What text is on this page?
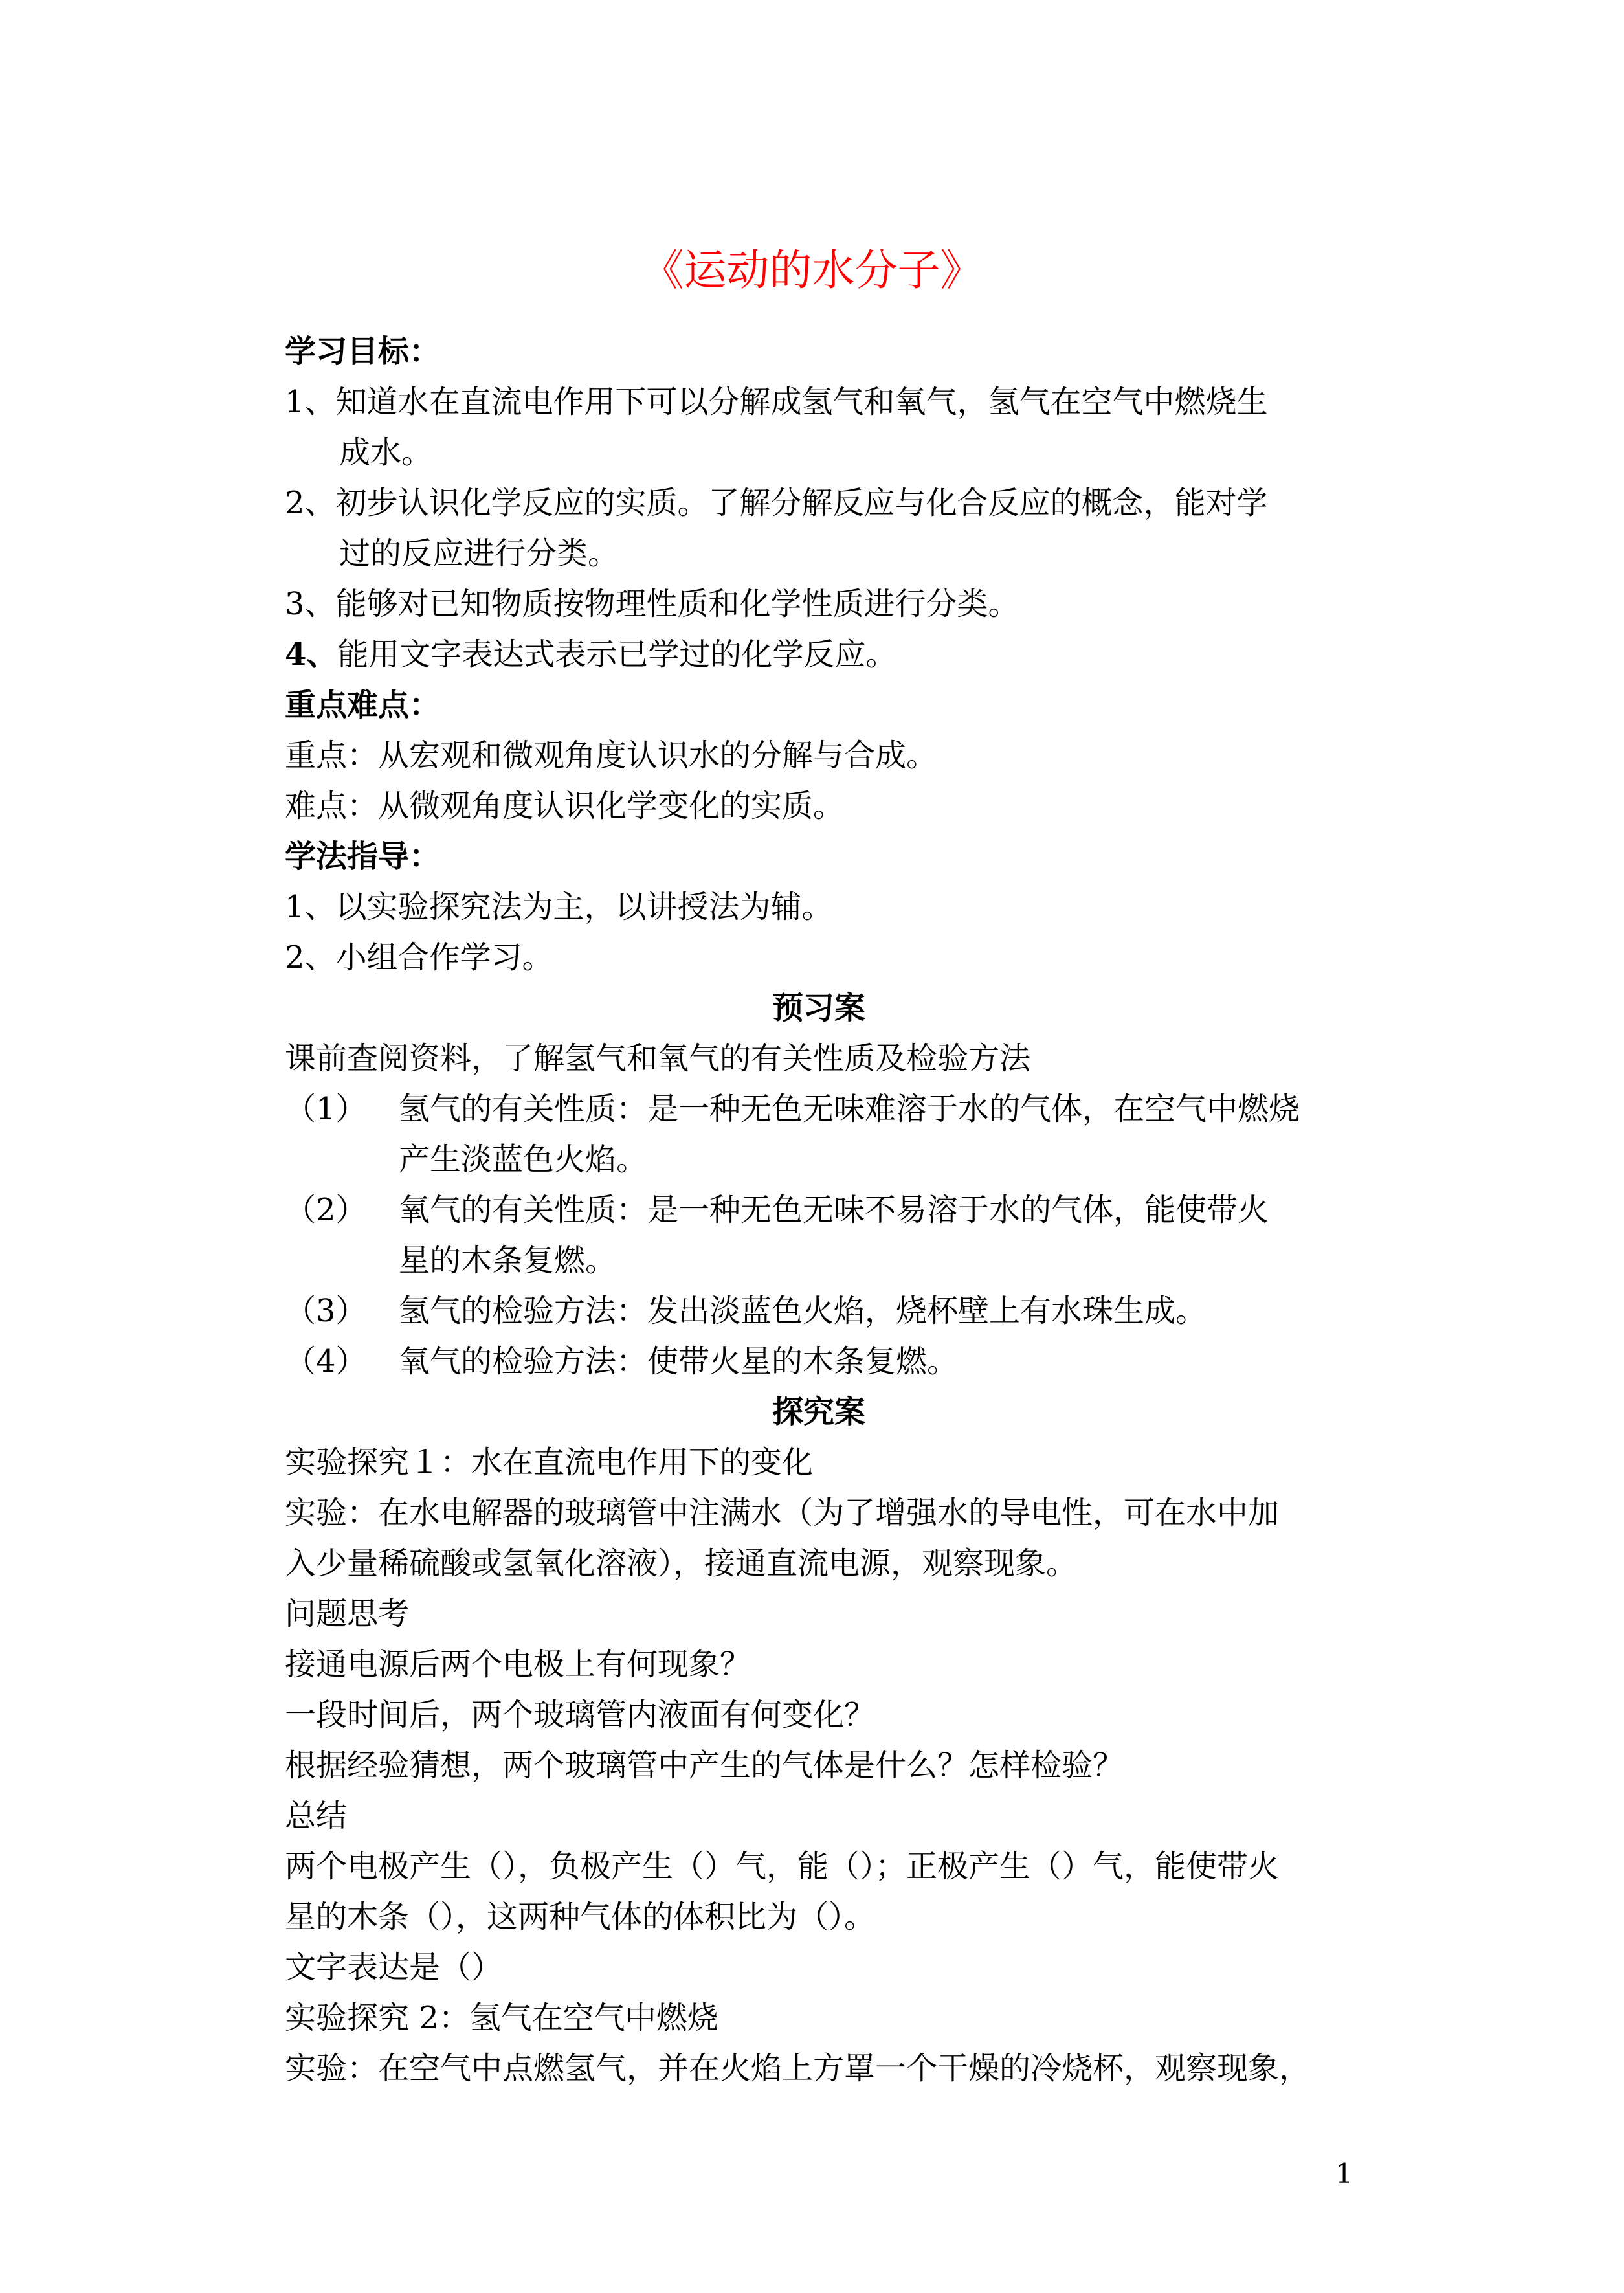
《运动的水分子》
学习目标：
1、 知道水在直流电作用下可以分解成氢气和氧气，氢气在空气中燃烧生
成水。
2、 初步认识化学反应的实质。了解分解反应与化合反应的概念，能对学
过的反应进行分类。
3、 能够对已知物质按物理性质和化学性质进行分类。
4、 能用文字表达式表示已学过的化学反应。
重点难点：
重点：从宏观和微观角度认识水的分解与合成。
难点：从微观角度认识化学变化的实质。
学法指导：
1、以实验探究法为主，以讲授法为辅。
2、小组合作学习。
预习案
课前查阅资料，了解氢气和氧气的有关性质及检验方法
（1）	氢气的有关性质：是一种无色无味难溶于水的气体，在空气中燃烧
产生淡蓝色火焰。
（2）	氧气的有关性质：是一种无色无味不易溶于水的气体，能使带火
星的木条复燃。
（3）	氢气的检验方法：发出淡蓝色火焰，烧杯壁上有水珠生成。
（4）	氧气的检验方法：使带火星的木条复燃。
探究案
实验探究１：水在直流电作用下的变化
实验：在水电解器的玻璃管中注满水（为了增强水的导电性，可在水中加
入少量稀硫酸或氢氧化溶液），接通直流电源，观察现象。
问题思考
接通电源后两个电极上有何现象？
一段时间后，两个玻璃管内液面有何变化？
根据经验猜想，两个玻璃管中产生的气体是什么？怎样检验？
总结
两个电极产生（），负极产生（）气，能（）；正极产生（）气，能使带火
星的木条（），这两种气体的体积比为（）。
文字表达是（）
实验探究 2：氢气在空气中燃烧
实验：在空气中点燃氢气，并在火焰上方罩一个干燥的冷烧杯，观察现象，
1
